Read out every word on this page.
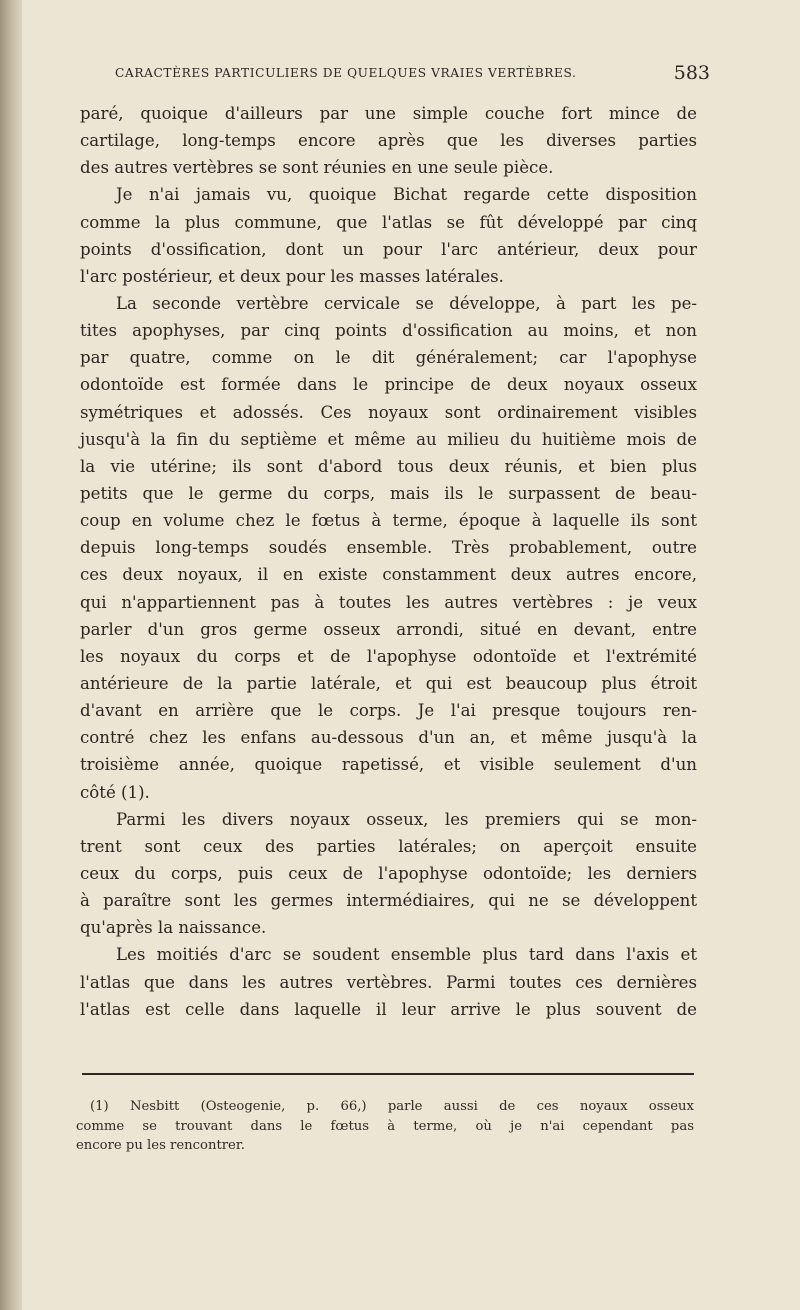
CARACTÈRES PARTICULIERS DE QUELQUES VRAIES VERTÈBRES.	583
paré, quoique d'ailleurs par une simple couche fort mince de
cartilage, long-temps encore après que les diverses parties
des autres vertèbres se sont réunies en une seule pièce.
Je n'ai jamais vu, quoique Bichat regarde cette disposition
comme la plus commune, que l'atlas se fût développé par cinq
points d'ossification, dont un pour l'arc antérieur, deux pour
l'arc postérieur, et deux pour les masses latérales.
La seconde vertèbre cervicale se développe, à part les pe-
tites apophyses, par cinq points d'ossification au moins, et non
par quatre, comme on le dit généralement; car l'apophyse
odontoïde est formée dans le principe de deux noyaux osseux
symétriques et adossés. Ces noyaux sont ordinairement visibles
jusqu'à la fin du septième et même au milieu du huitième mois de
la vie utérine; ils sont d'abord tous deux réunis, et bien plus
petits que le germe du corps, mais ils le surpassent de beau-
coup en volume chez le fœtus à terme, époque à laquelle ils sont
depuis long-temps soudés ensemble. Très probablement, outre
ces deux noyaux, il en existe constamment deux autres encore,
qui n'appartiennent pas à toutes les autres vertèbres : je veux
parler d'un gros germe osseux arrondi, situé en devant, entre
les noyaux du corps et de l'apophyse odontoïde et l'extrémité
antérieure de la partie latérale, et qui est beaucoup plus étroit
d'avant en arrière que le corps. Je l'ai presque toujours ren-
contré chez les enfans au-dessous d'un an, et même jusqu'à la
troisième année, quoique rapetissé, et visible seulement d'un
côté (1).
Parmi les divers noyaux osseux, les premiers qui se mon-
trent sont ceux des parties latérales; on aperçoit ensuite
ceux du corps, puis ceux de l'apophyse odontoïde; les derniers
à paraître sont les germes intermédiaires, qui ne se développent
qu'après la naissance.
Les moitiés d'arc se soudent ensemble plus tard dans l'axis et
l'atlas que dans les autres vertèbres. Parmi toutes ces dernières
l'atlas est celle dans laquelle il leur arrive le plus souvent de
(1) Nesbitt (Osteogenie, p. 66,) parle aussi de ces noyaux osseux
comme se trouvant dans le fœtus à terme, où je n'ai cependant pas
encore pu les rencontrer.
